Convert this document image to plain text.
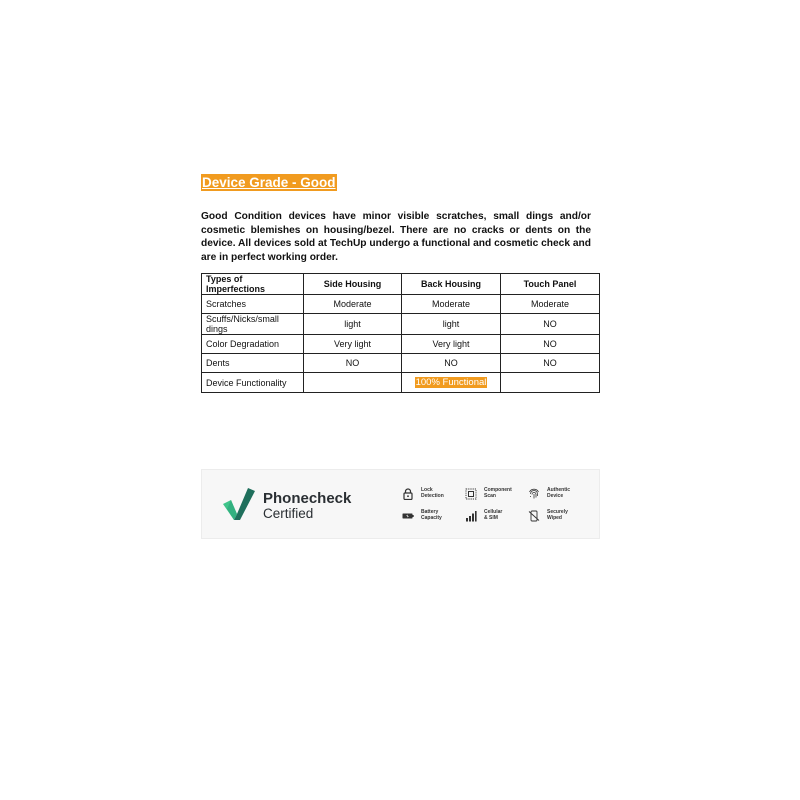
Device Grade - Good

Good Condition devices have minor visible scratches, small dings and/or cosmetic blemishes on housing/bezel. There are no cracks or dents on the device. All devices sold at TechUp undergo a functional and cosmetic check and are in perfect working order.

Types of Imperfections	Side Housing	Back Housing	Touch Panel
Scratches	Moderate	Moderate	Moderate
Scuffs/Nicks/small dings	light	light	NO
Color Degradation	Very light	Very light	NO
Dents	NO	NO	NO
Device Functionality		100% Functional	
Phonecheck
Certified
Lock
Detection
Component
Scan
Authentic
Device
Battery
Capacity
Cellular
& SIM
Securely
Wiped
